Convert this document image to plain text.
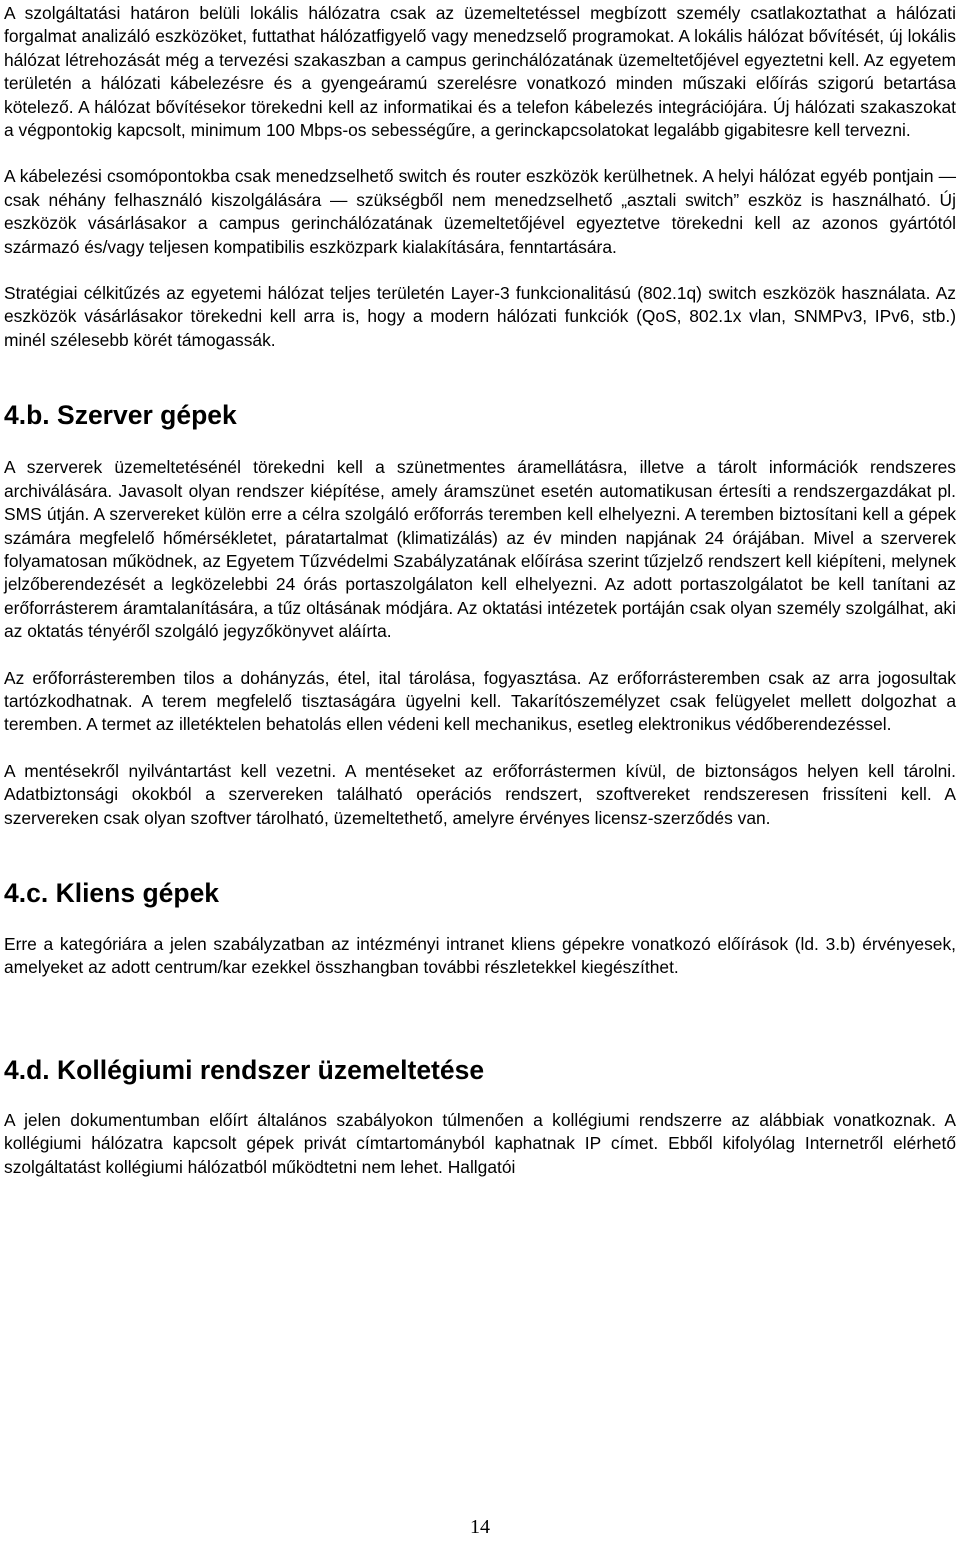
A szolgáltatási határon belüli lokális hálózatra csak az üzemeltetéssel megbízott személy csatlakoztathat a hálózati forgalmat analizáló eszközöket, futtathat hálózatfigyelő vagy menedzselő programokat. A lokális hálózat bővítését, új lokális hálózat létrehozását még a tervezési szakaszban a campus gerinchálózatának üzemeltetőjével egyeztetni kell. Az egyetem területén a hálózati kábelezésre és a gyengeáramú szerelésre vonatkozó minden műszaki előírás szigorú betartása kötelező. A hálózat bővítésekor törekedni kell az informatikai és a telefon kábelezés integrációjára. Új hálózati szakaszokat a végpontokig kapcsolt, minimum 100 Mbps-os sebességűre, a gerinckapcsolatokat legalább gigabitesre kell tervezni.

A kábelezési csomópontokba csak menedzselhető switch és router eszközök kerülhetnek. A helyi hálózat egyéb pontjain — csak néhány felhasználó kiszolgálására — szükségből nem menedzselhető „asztali switch” eszköz is használható. Új eszközök vásárlásakor a campus gerinchálózatának üzemeltetőjével egyeztetve törekedni kell az azonos gyártótól származó és/vagy teljesen kompatibilis eszközpark kialakítására, fenntartására.

Stratégiai célkitűzés az egyetemi hálózat teljes területén Layer-3 funkcionalitású (802.1q) switch eszközök használata. Az eszközök vásárlásakor törekedni kell arra is, hogy a modern hálózati funkciók (QoS, 802.1x vlan, SNMPv3, IPv6, stb.) minél szélesebb körét támogassák.

4.b. Szerver gépek

A szerverek üzemeltetésénél törekedni kell a szünetmentes áramellátásra, illetve a tárolt információk rendszeres archiválására. Javasolt olyan rendszer kiépítése, amely áramszünet esetén automatikusan értesíti a rendszergazdákat pl. SMS útján. A szervereket külön erre a célra szolgáló erőforrás teremben kell elhelyezni. A teremben biztosítani kell a gépek számára megfelelő hőmérsékletet, páratartalmat (klimatizálás) az év minden napjának 24 órájában. Mivel a szerverek folyamatosan működnek, az Egyetem Tűzvédelmi Szabályzatának előírása szerint tűzjelző rendszert kell kiépíteni, melynek jelzőberendezését a legközelebbi 24 órás portaszolgálaton kell elhelyezni. Az adott portaszolgálatot be kell tanítani az erőforrásterem áramtalanítására, a tűz oltásának módjára. Az oktatási intézetek portáján csak olyan személy szolgálhat, aki az oktatás tényéről szolgáló jegyzőkönyvet aláírta.

Az erőforrásteremben tilos a dohányzás, étel, ital tárolása, fogyasztása. Az erőforrásteremben csak az arra jogosultak tartózkodhatnak. A terem megfelelő tisztaságára ügyelni kell. Takarítószemélyzet csak felügyelet mellett dolgozhat a teremben. A termet az illetéktelen behatolás ellen védeni kell mechanikus, esetleg elektronikus védőberendezéssel.

A mentésekről nyilvántartást kell vezetni. A mentéseket az erőforrástermen kívül, de biztonságos helyen kell tárolni. Adatbiztonsági okokból a szervereken található operációs rendszert, szoftvereket rendszeresen frissíteni kell. A szervereken csak olyan szoftver tárolható, üzemeltethető, amelyre érvényes licensz-szerződés van.

4.c. Kliens gépek

Erre a kategóriára a jelen szabályzatban az intézményi intranet kliens gépekre vonatkozó előírások (ld. 3.b) érvényesek, amelyeket az adott centrum/kar ezekkel összhangban további részletekkel kiegészíthet.

4.d. Kollégiumi rendszer üzemeltetése

A jelen dokumentumban előírt általános szabályokon túlmenően a kollégiumi rendszerre az alábbiak vonatkoznak. A kollégiumi hálózatra kapcsolt gépek privát címtartományból kaphatnak IP címet. Ebből kifolyólag Internetről elérhető szolgáltatást kollégiumi hálózatból működtetni nem lehet. Hallgatói

14
